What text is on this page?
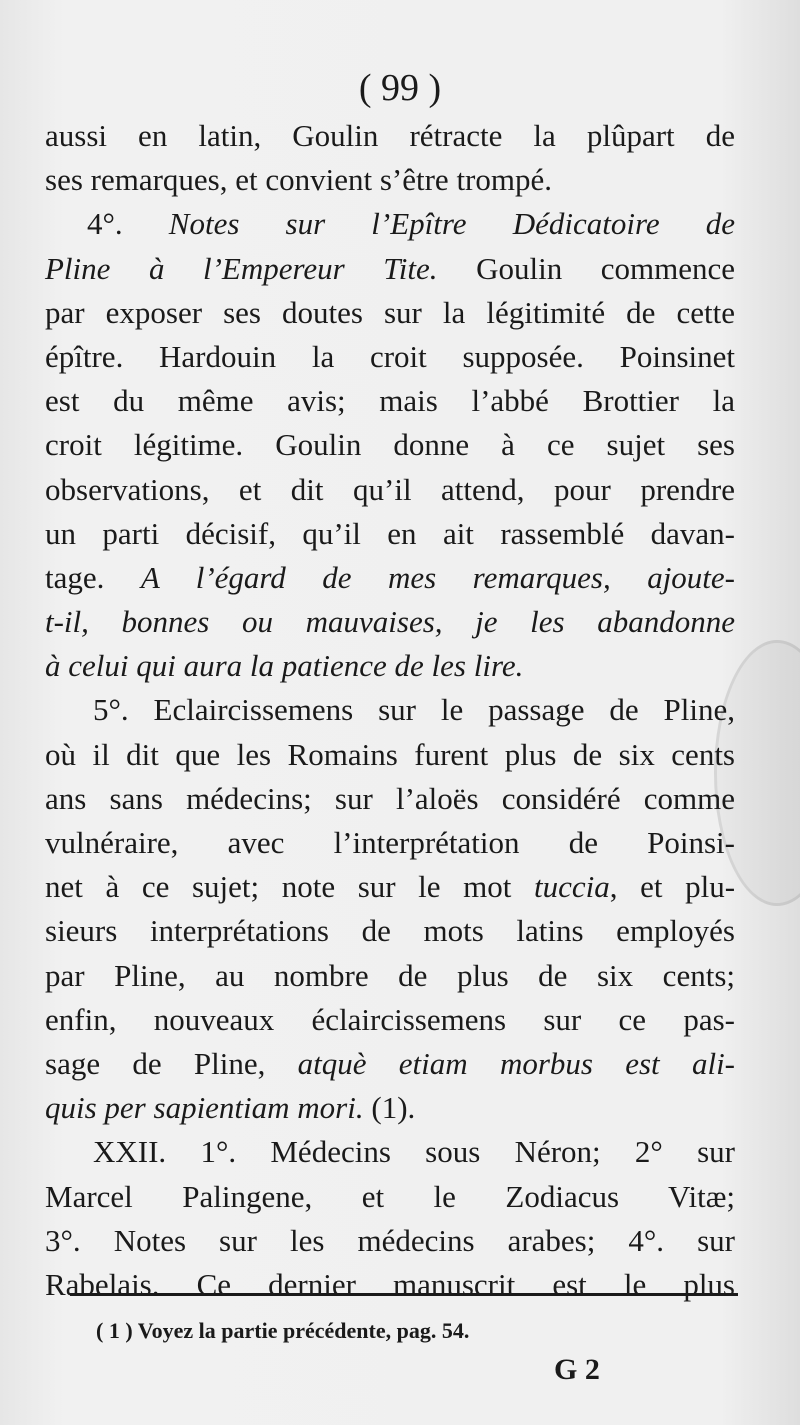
( 99 )
aussi en latin, Goulin rétracte la plûpart de
ses remarques, et convient s’être trompé.
4°. Notes sur l’Epître Dédicatoire de
Pline à l’Empereur Tite. Goulin commence
par exposer ses doutes sur la légitimité de cette
épître. Hardouin la croit supposée. Poinsinet
est du même avis; mais l’abbé Brottier la
croit légitime. Goulin donne à ce sujet ses
observations, et dit qu’il attend, pour prendre
un parti décisif, qu’il en ait rassemblé davan-
tage. A l’égard de mes remarques, ajoute-
t-il, bonnes ou mauvaises, je les abandonne
à celui qui aura la patience de les lire.
5°. Eclaircissemens sur le passage de Pline,
où il dit que les Romains furent plus de six cents
ans sans médecins; sur l’aloës considéré comme
vulnéraire, avec l’interprétation de Poinsi-
net à ce sujet; note sur le mot tuccia, et plu-
sieurs interprétations de mots latins employés
par Pline, au nombre de plus de six cents;
enfin, nouveaux éclaircissemens sur ce pas-
sage de Pline, atquè etiam morbus est ali-
quis per sapientiam mori. (1).
XXII. 1°. Médecins sous Néron; 2° sur
Marcel Palingene, et le Zodiacus Vitæ;
3°. Notes sur les médecins arabes; 4°. sur
Rabelais. Ce dernier manuscrit est le plus
( 1 ) Voyez la partie précédente, pag. 54.
G 2
